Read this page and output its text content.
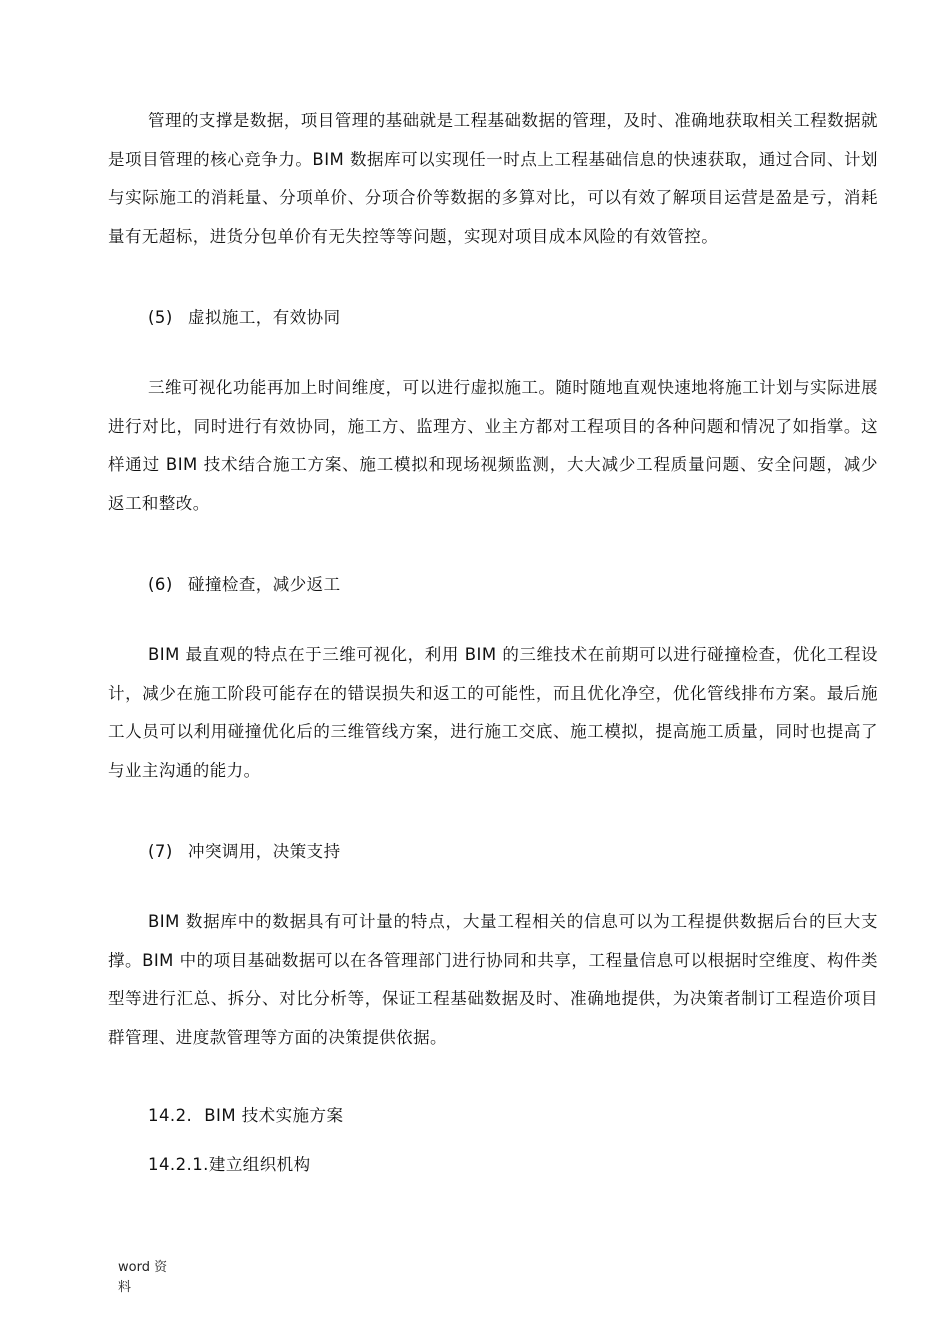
管理的支撑是数据，项目管理的基础就是工程基础数据的管理，及时、准确地获取相关工程数据就是项目管理的核心竞争力。BIM 数据库可以实现任一时点上工程基础信息的快速获取，通过合同、计划与实际施工的消耗量、分项单价、分项合价等数据的多算对比，可以有效了解项目运营是盈是亏，消耗量有无超标，进货分包单价有无失控等等问题，实现对项目成本风险的有效管控。

(5) 虚拟施工，有效协同

三维可视化功能再加上时间维度，可以进行虚拟施工。随时随地直观快速地将施工计划与实际进展进行对比，同时进行有效协同，施工方、监理方、业主方都对工程项目的各种问题和情况了如指掌。这样通过 BIM 技术结合施工方案、施工模拟和现场视频监测，大大减少工程质量问题、安全问题，减少返工和整改。

(6) 碰撞检查，减少返工

BIM 最直观的特点在于三维可视化，利用 BIM 的三维技术在前期可以进行碰撞检查，优化工程设计，减少在施工阶段可能存在的错误损失和返工的可能性，而且优化净空，优化管线排布方案。最后施工人员可以利用碰撞优化后的三维管线方案，进行施工交底、施工模拟，提高施工质量，同时也提高了与业主沟通的能力。

(7) 冲突调用，决策支持

BIM 数据库中的数据具有可计量的特点，大量工程相关的信息可以为工程提供数据后台的巨大支撑。BIM 中的项目基础数据可以在各管理部门进行协同和共享，工程量信息可以根据时空维度、构件类型等进行汇总、拆分、对比分析等，保证工程基础数据及时、准确地提供，为决策者制订工程造价项目群管理、进度款管理等方面的决策提供依据。

14.2. BIM 技术实施方案
14.2.1.建立组织机构

word 资料
